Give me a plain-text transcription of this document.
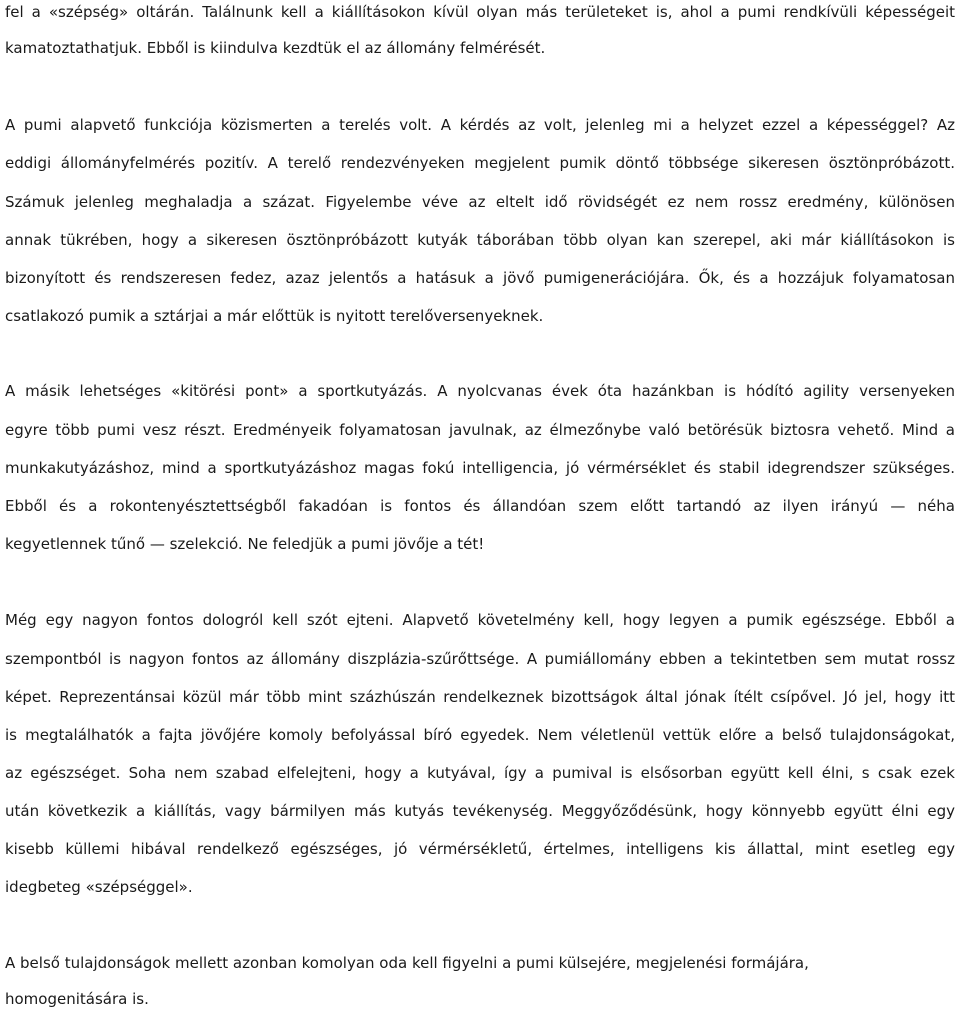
fel a «szépség» oltárán. Találnunk kell a kiállításokon kívül olyan más területeket is, ahol a pumi rendkívüli képességeit
kamatoztathatjuk. Ebből is kiindulva kezdtük el az állomány felmérését.
A pumi alapvető funkciója közismerten a terelés volt. A kérdés az volt, jelenleg mi a helyzet ezzel a képességgel? Az
eddigi állományfelmérés pozitív. A terelő rendezvényeken megjelent pumik döntő többsége sikeresen ösztönpróbázott.
Számuk jelenleg meghaladja a százat. Figyelembe véve az eltelt idő rövidségét ez nem rossz eredmény, különösen
annak tükrében, hogy a sikeresen ösztönpróbázott kutyák táborában több olyan kan szerepel, aki már kiállításokon is
bizonyított és rendszeresen fedez, azaz jelentős a hatásuk a jövő pumigenerációjára. Ők, és a hozzájuk folyamatosan
csatlakozó pumik a sztárjai a már előttük is nyitott terelőversenyeknek.
A másik lehetséges «kitörési pont» a sportkutyázás. A nyolcvanas évek óta hazánkban is hódító agility versenyeken
egyre több pumi vesz részt. Eredményeik folyamatosan javulnak, az élmezőnybe való betörésük biztosra vehető. Mind a
munkakutyázáshoz, mind a sportkutyázáshoz magas fokú intelligencia, jó vérmérséklet és stabil idegrendszer szükséges.
Ebből és a rokontenyésztettségből fakadóan is fontos és állandóan szem előtt tartandó az ilyen irányú — néha
kegyetlennek tűnő — szelekció. Ne feledjük a pumi jövője a tét!
Még egy nagyon fontos dologról kell szót ejteni. Alapvető követelmény kell, hogy legyen a pumik egészsége. Ebből a
szempontból is nagyon fontos az állomány diszplázia-szűrőttsége. A pumiállomány ebben a tekintetben sem mutat rossz
képet. Reprezentánsai közül már több mint százhúszán rendelkeznek bizottságok által jónak ítélt csípővel. Jó jel, hogy itt
is megtalálhatók a fajta jövőjére komoly befolyással bíró egyedek. Nem véletlenül vettük előre a belső tulajdonságokat,
az egészséget. Soha nem szabad elfelejteni, hogy a kutyával, így a pumival is elsősorban együtt kell élni, s csak ezek
után következik a kiállítás, vagy bármilyen más kutyás tevékenység. Meggyőződésünk, hogy könnyebb együtt élni egy
kisebb küllemi hibával rendelkező egészséges, jó vérmérsékletű, értelmes, intelligens kis állattal, mint esetleg egy
idegbeteg «szépséggel».
A belső tulajdonságok mellett azonban komolyan oda kell figyelni a pumi külsejére, megjelenési formájára,
homogenitására is.
